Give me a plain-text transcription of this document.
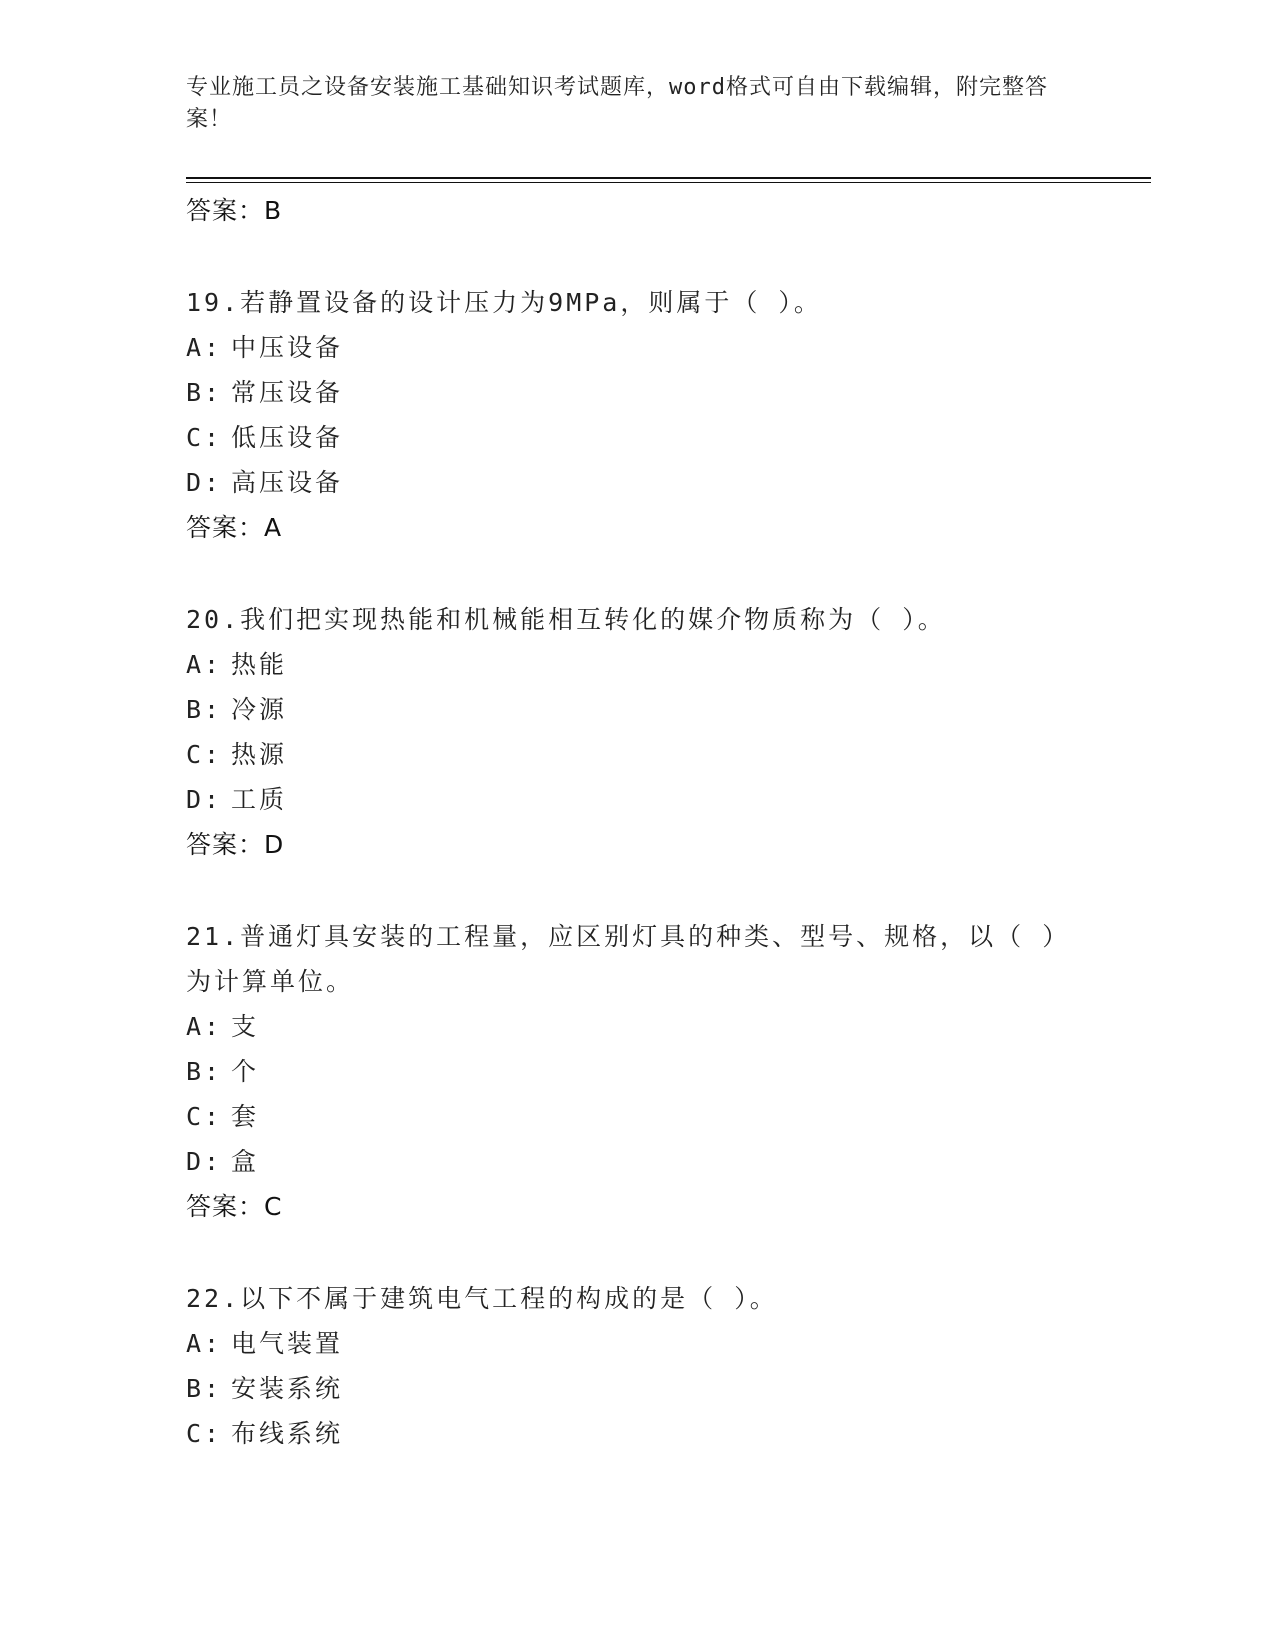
专业施工员之设备安装施工基础知识考试题库，word格式可自由下载编辑，附完整答案！
答案：B
19.若静置设备的设计压力为9MPa，则属于（ ）。
A: 中压设备
B: 常压设备
C: 低压设备
D: 高压设备
答案：A
20.我们把实现热能和机械能相互转化的媒介物质称为（ ）。
A: 热能
B: 冷源
C: 热源
D: 工质
答案：D
21.普通灯具安装的工程量，应区别灯具的种类、型号、规格，以（ ）为计算单位。
A: 支
B: 个
C: 套
D: 盒
答案：C
22.以下不属于建筑电气工程的构成的是（ ）。
A: 电气装置
B: 安装系统
C: 布线系统
